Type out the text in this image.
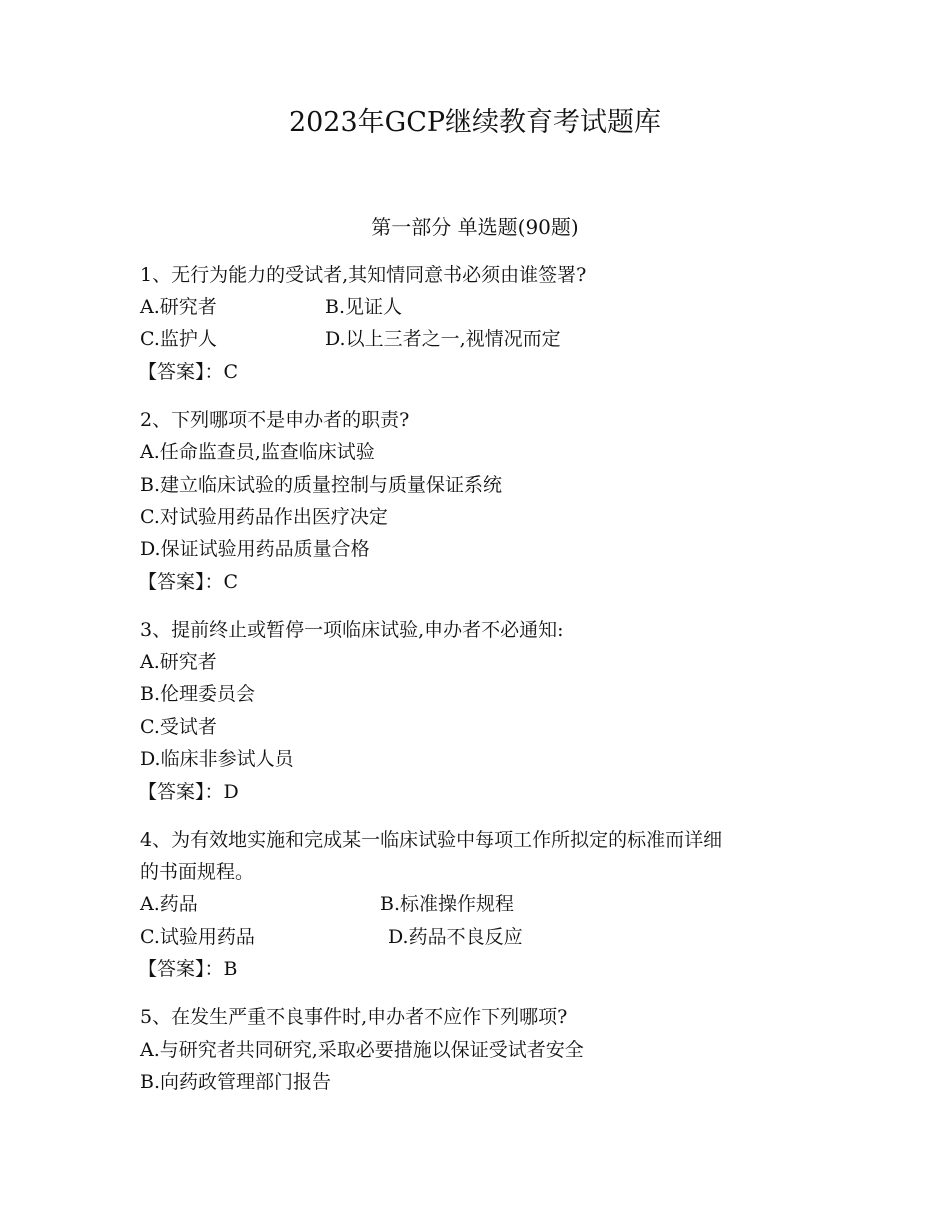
2023年GCP继续教育考试题库
第一部分 单选题(90题)
1、无行为能力的受试者,其知情同意书必须由谁签署?
A.研究者	B.见证人
C.监护人	D.以上三者之一,视情况而定
【答案】：C
2、下列哪项不是申办者的职责?
A.任命监查员,监查临床试验
B.建立临床试验的质量控制与质量保证系统
C.对试验用药品作出医疗决定
D.保证试验用药品质量合格
【答案】：C
3、提前终止或暂停一项临床试验,申办者不必通知:
A.研究者
B.伦理委员会
C.受试者
D.临床非参试人员
【答案】：D
4、为有效地实施和完成某一临床试验中每项工作所拟定的标准而详细
的书面规程。
A.药品	B.标准操作规程
C.试验用药品	D.药品不良反应
【答案】：B
5、在发生严重不良事件时,申办者不应作下列哪项?
A.与研究者共同研究,采取必要措施以保证受试者安全
B.向药政管理部门报告
